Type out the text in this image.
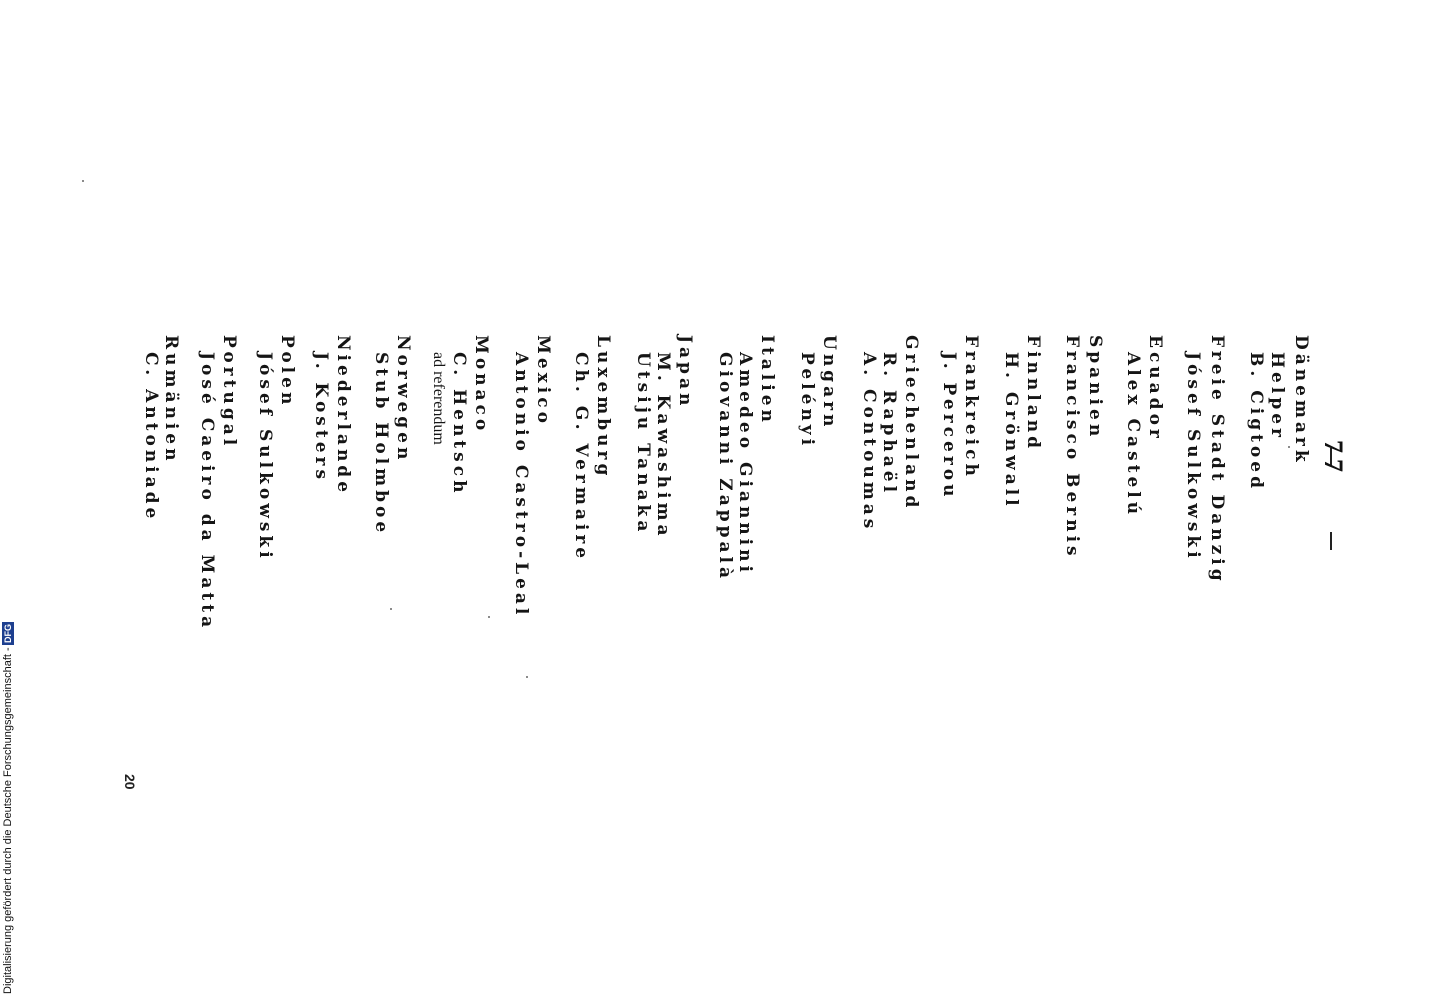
77
Dänemark
Helper
B. Cigtoed
Freie Stadt Danzig
Jósef Sulkowski
Ecuador
Alex Castelú
Spanien
Francisco Bernis
Finnland
H. Grönwall
Frankreich
J. Percerou
Griechenland
R. Raphaël
A. Contoumas
Ungarn
Pelényi
Italien
Amedeo Giannini
Giovanni Zappalà
Japan
M. Kawashima
Utsiju Tanaka
Luxemburg
Ch. G. Vermaire
Mexico
Antonio Castro-Leal
Monaco
C. Hentsch
ad referendum
Norwegen
Stub Holmboe
Niederlande
J. Kosters
Polen
Jósef Sulkowski
Portugal
José Caeiro da Matta
Rumänien
C. Antoniade
20
Digitalisierung gefördert durch die Deutsche Forschungsgemeinschaft -
DFG
